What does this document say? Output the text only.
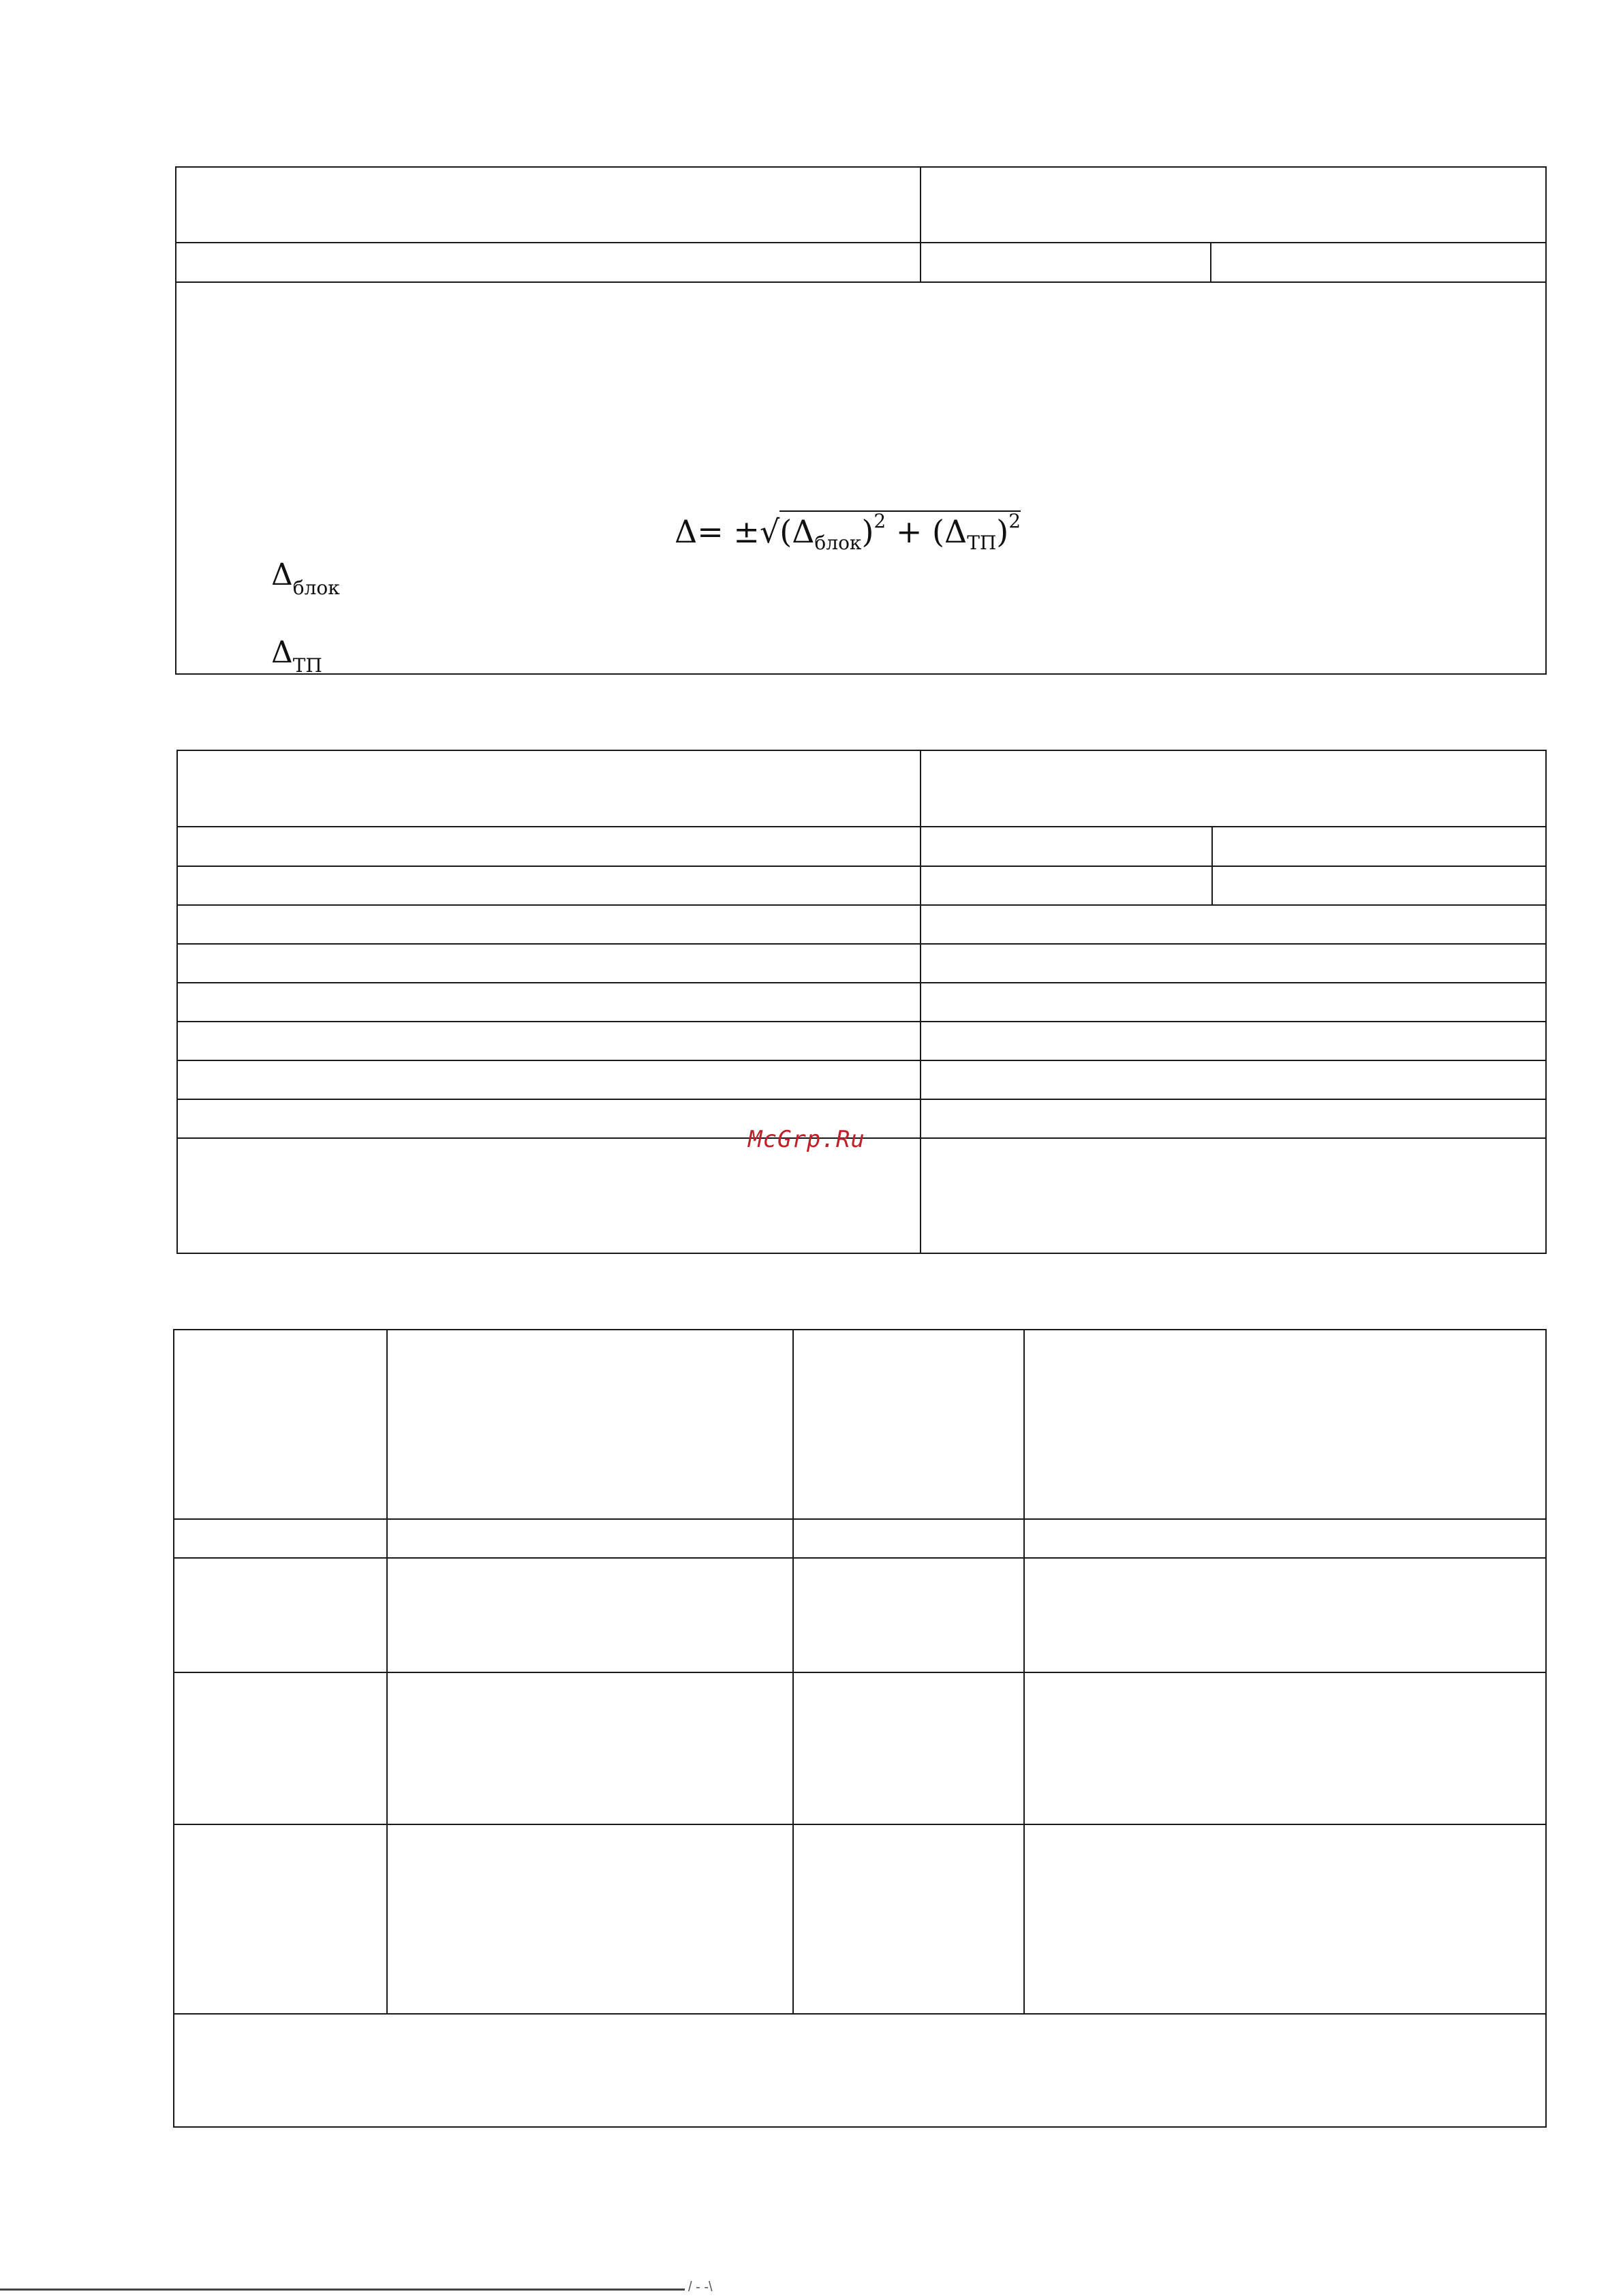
$\Delta= \pm√(\Delta_{блок})^2 + (\Delta_{ТП})^2$
$\Delta_{блок}$
$\Delta_{ТП}$
McGrp.Ru
/ - -\
